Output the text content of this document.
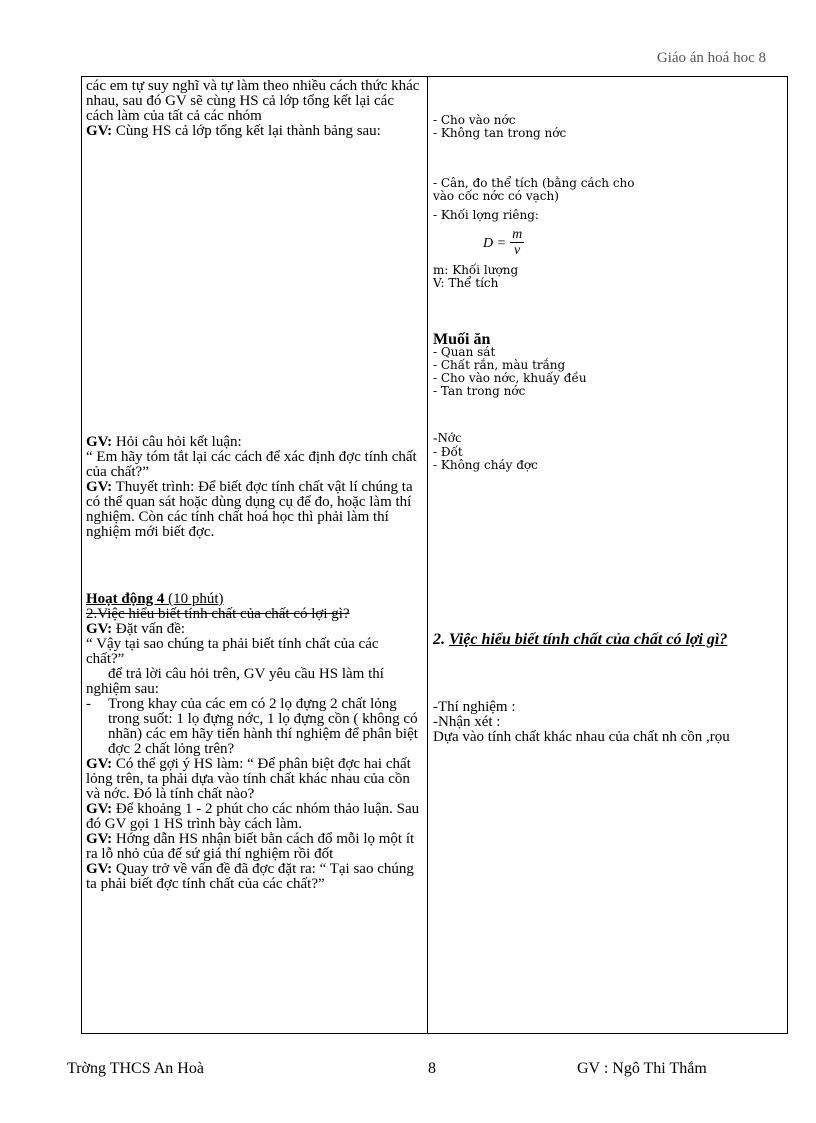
Giáo án hoá hoc 8

các em tự suy nghĩ và tự làm theo nhiều cách thức khác nhau, sau đó GV sẽ cùng HS cả lớp tổng kết lại các cách làm của tất cả các nhóm

GV: Cùng HS cả lớp tổng kết lại thành bảng sau:

GV: Hỏi câu hỏi kết luận:

“ Em hãy tóm tắt lại các cách để xác định đợc tính chất của chất?”

GV: Thuyết trình: Để biết đợc tính chất vật lí chúng ta có thể quan sát hoặc dùng dụng cụ để đo, hoặc làm thí nghiệm. Còn các tính chất hoá học thì phải làm thí nghiệm mới biết đợc.

Hoạt động 4 (10 phút)

2.Việc hiểu biết tính chất của chất có lợi gì?

GV: Đặt vấn đề:

“ Vậy tại sao chúng ta phải biết tính chất của các chất?”

để trả lời câu hỏi trên, GV yêu cầu HS làm thí nghiệm sau:

-	Trong khay của các em có 2 lọ đựng 2 chất lỏng trong suốt: 1 lọ đựng nớc, 1 lọ đựng cồn ( không có nhãn) các em hãy tiến hành thí nghiệm để phân biệt đợc 2 chất lỏng trên?

GV: Có thể gợi ý HS làm: “ Để phân biệt đợc hai chất lỏng trên, ta phải dựa vào tính chất khác nhau của cồn và nớc. Đó là tính chất nào?

GV: Để khoảng 1 - 2 phút cho các nhóm thảo luận. Sau đó GV gọi 1 HS trình bày cách làm.

GV: Hớng dẫn HS nhận biết bằn cách đổ mỗi lọ một ít ra lỗ nhỏ của đế sứ giá thí nghiệm rồi đốt

GV: Quay trở về vấn đề đã đợc đặt ra: “ Tại sao chúng ta phải biết đợc tính chất của các chất?”

- Cho vào nớc

- Không tan trong nớc

- Cân, đo thể tích (bằng cách cho

vào cốc nớc có vạch)

- Khối lợng riêng:

$D = \frac{m}{v}$

m: Khối lượng

V: Thể tích

Muối ăn

- Quan sát

- Chất rắn, màu trắng

- Cho vào nớc, khuấy đều

- Tan trong nớc

-Nớc

- Đốt

- Không cháy đợc

2. Việc hiểu biết tính chất của chất có lợi gì?

-Thí nghiệm :

-Nhận xét :

Dựa vào tính chất khác nhau của chất nh cồn ,rọu

Trờng THCS An Hoà	8	GV : Ngô Thi Thắm
